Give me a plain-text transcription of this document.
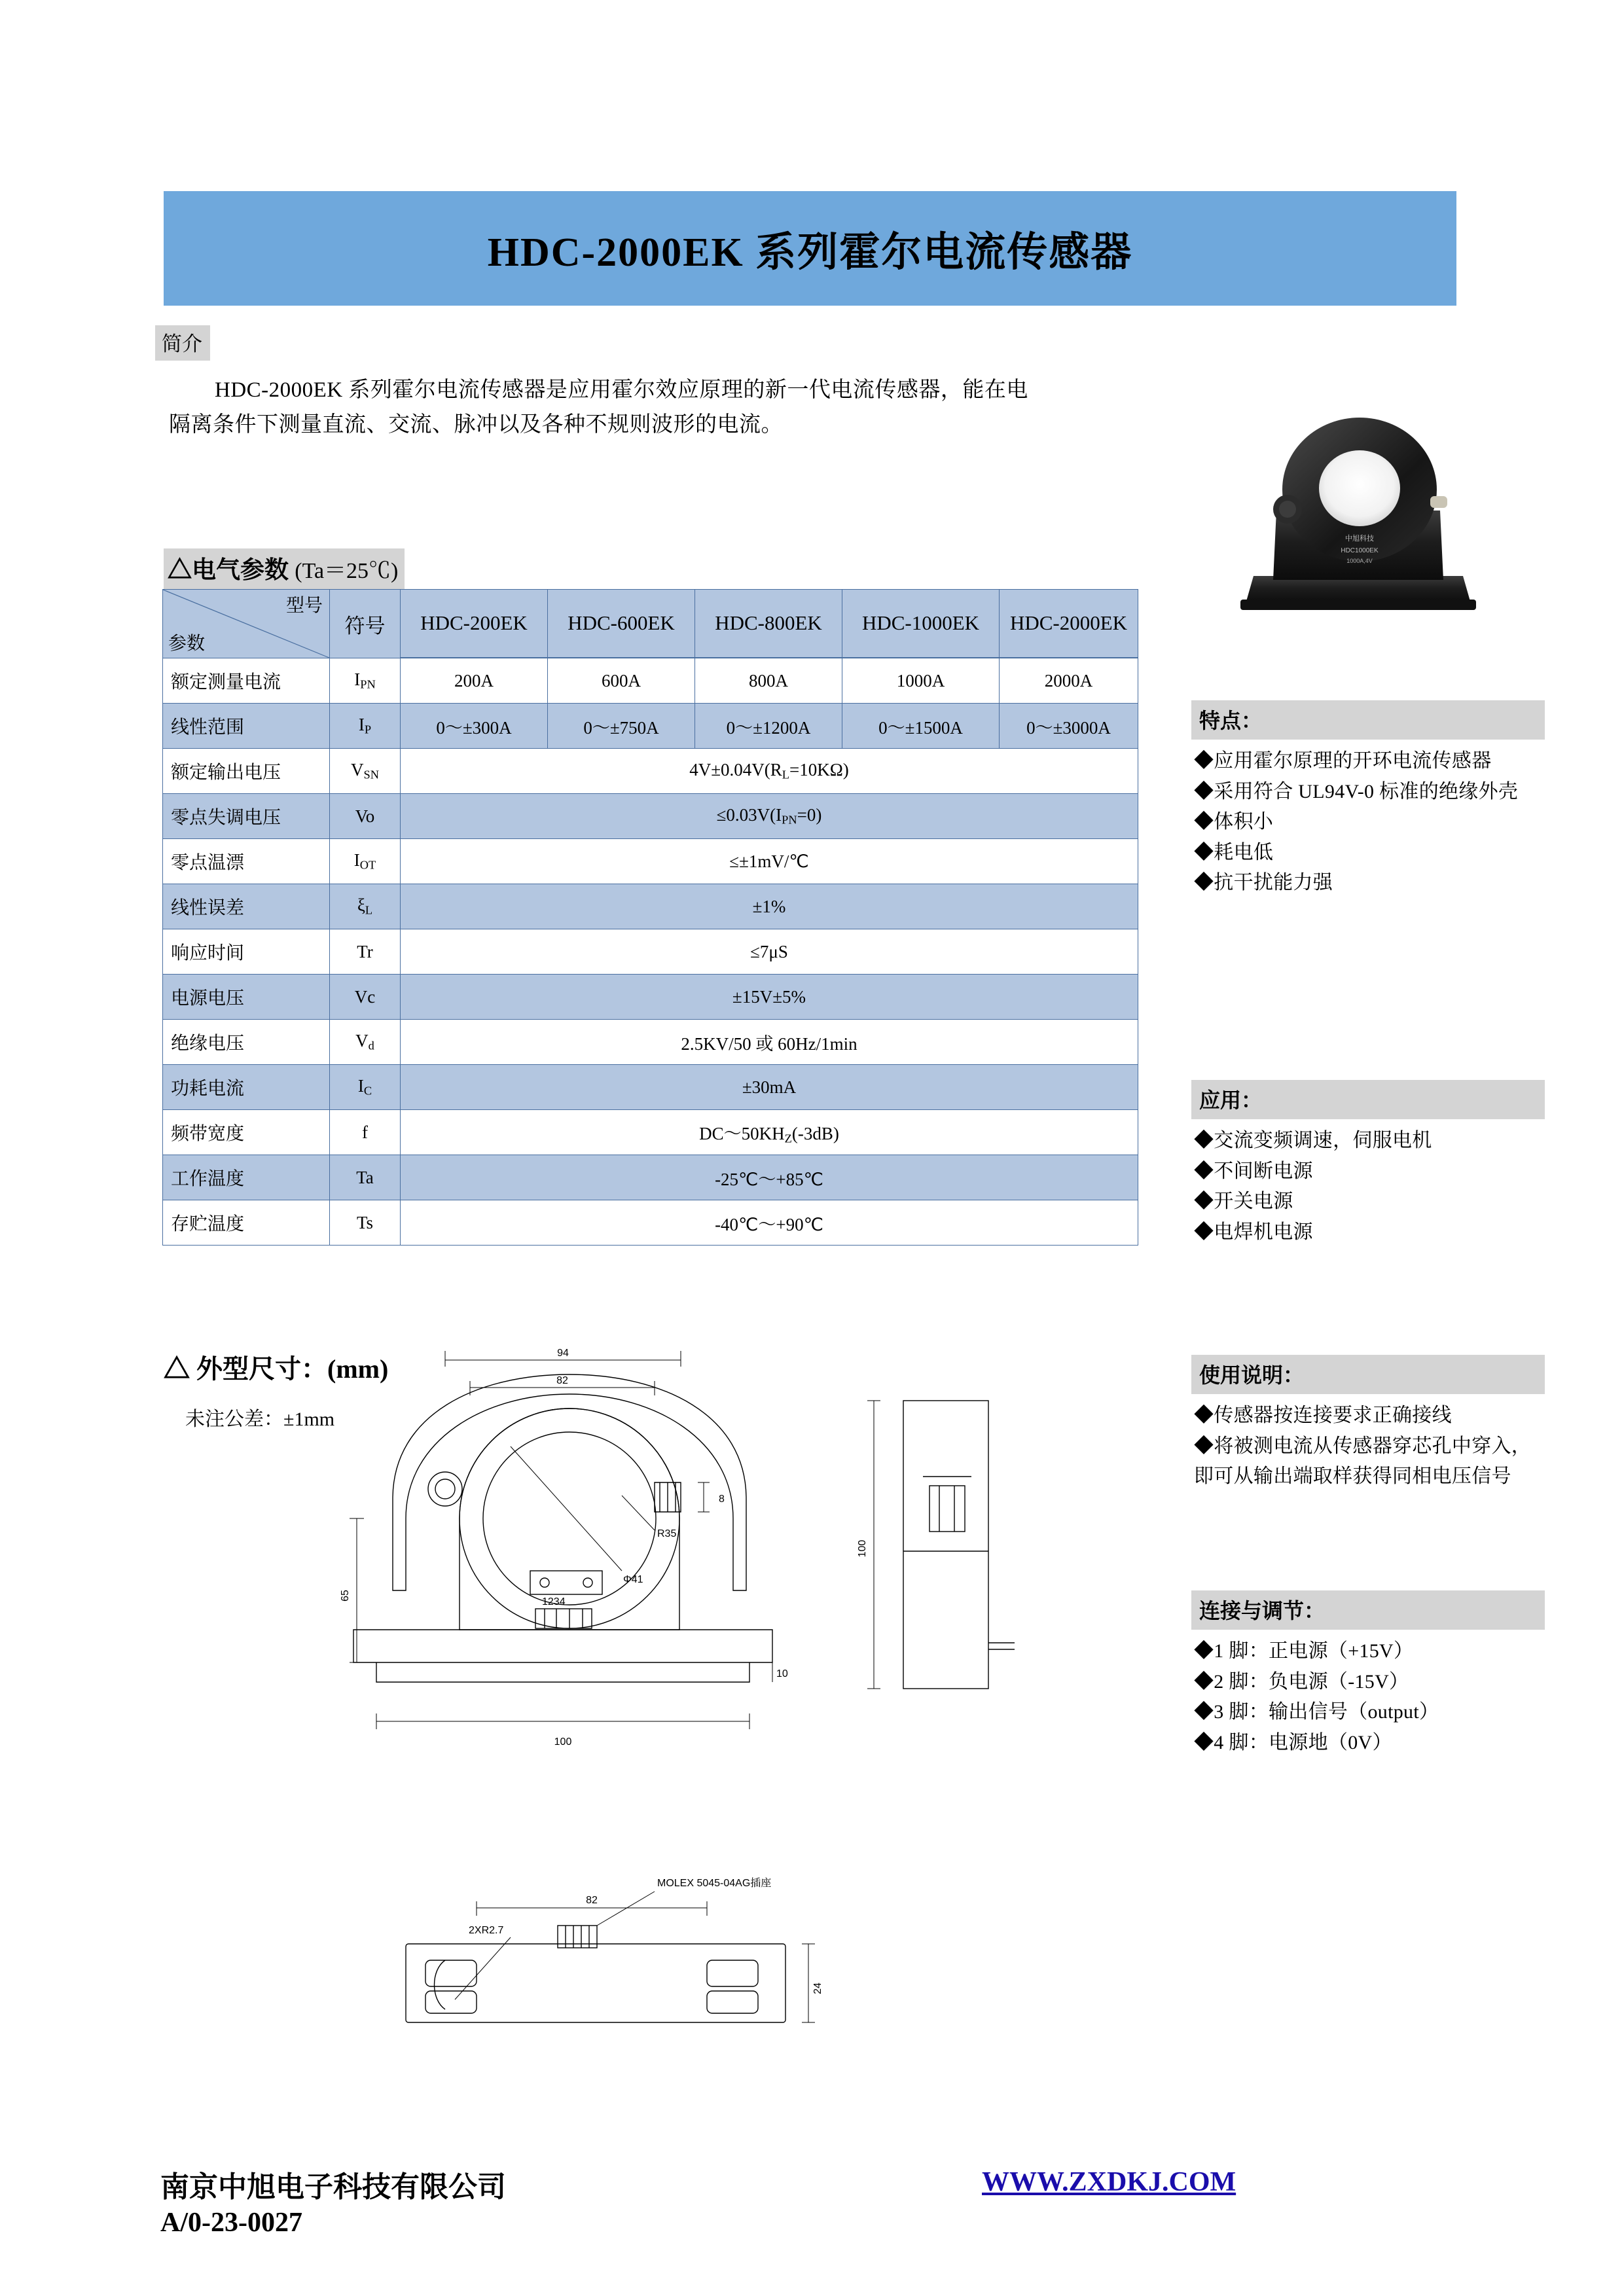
HDC-2000EK 系列霍尔电流传感器
简介
HDC-2000EK 系列霍尔电流传感器是应用霍尔效应原理的新一代电流传感器，能在电隔离条件下测量直流、交流、脉冲以及各种不规则波形的电流。
△电气参数 (Ta＝25℃)
中旭科技
HDC1000EK
1000A,4V
型号
参数	符号	HDC-200EK	HDC-600EK	HDC-800EK	HDC-1000EK	HDC-2000EK

额定测量电流	$I_{PN}$	200A	600A	800A	1000A	2000A
线性范围	$I_P$	0～±300A	0～±750A	0～±1200A	0～±1500A	0～±3000A
额定输出电压	$V_{SN}$	$4V\pm 0.04V(R_L=10K\Omega)$				
零点失调电压	Vo	$\le 0.03V(I_{PN}=0)$				
零点温漂	$I_{OT}$	≤±1mV/℃				
线性误差	$\xi_L$	±1%				
响应时间	Tr	≤7μS				
电源电压	Vc	±15V±5%				
绝缘电压	$V_d$	2.5KV/50 或 60Hz/1min				
功耗电流	$I_C$	±30mA				
频带宽度	f	$DC\sim 50KH_Z(-3dB)$				
工作温度	Ta	-25℃～+85℃				
存贮温度	Ts	-40℃～+90℃				
特点：
◆应用霍尔原理的开环电流传感器
◆采用符合 UL94V-0 标准的绝缘外壳
◆体积小
◆耗电低
◆抗干扰能力强
应用：
◆交流变频调速，伺服电机
◆不间断电源
◆开关电源
◆电焊机电源
使用说明：
◆传感器按连接要求正确接线
◆将被测电流从传感器穿芯孔中穿入，即可从输出端取样获得同相电压信号
连接与调节：
◆1 脚：正电源（+15V）
◆2 脚：负电源（-15V）
◆3 脚：输出信号（output）
◆4 脚：电源地（0V）
△ 外型尺寸：(mm)
未注公差：±1mm
94
82
100
65
8
10
R35
Φ41
1234
100
82
24
2XR2.7
MOLEX 5045-04AG插座
南京中旭电子科技有限公司
A/0-23-0027
WWW.ZXDKJ.COM
